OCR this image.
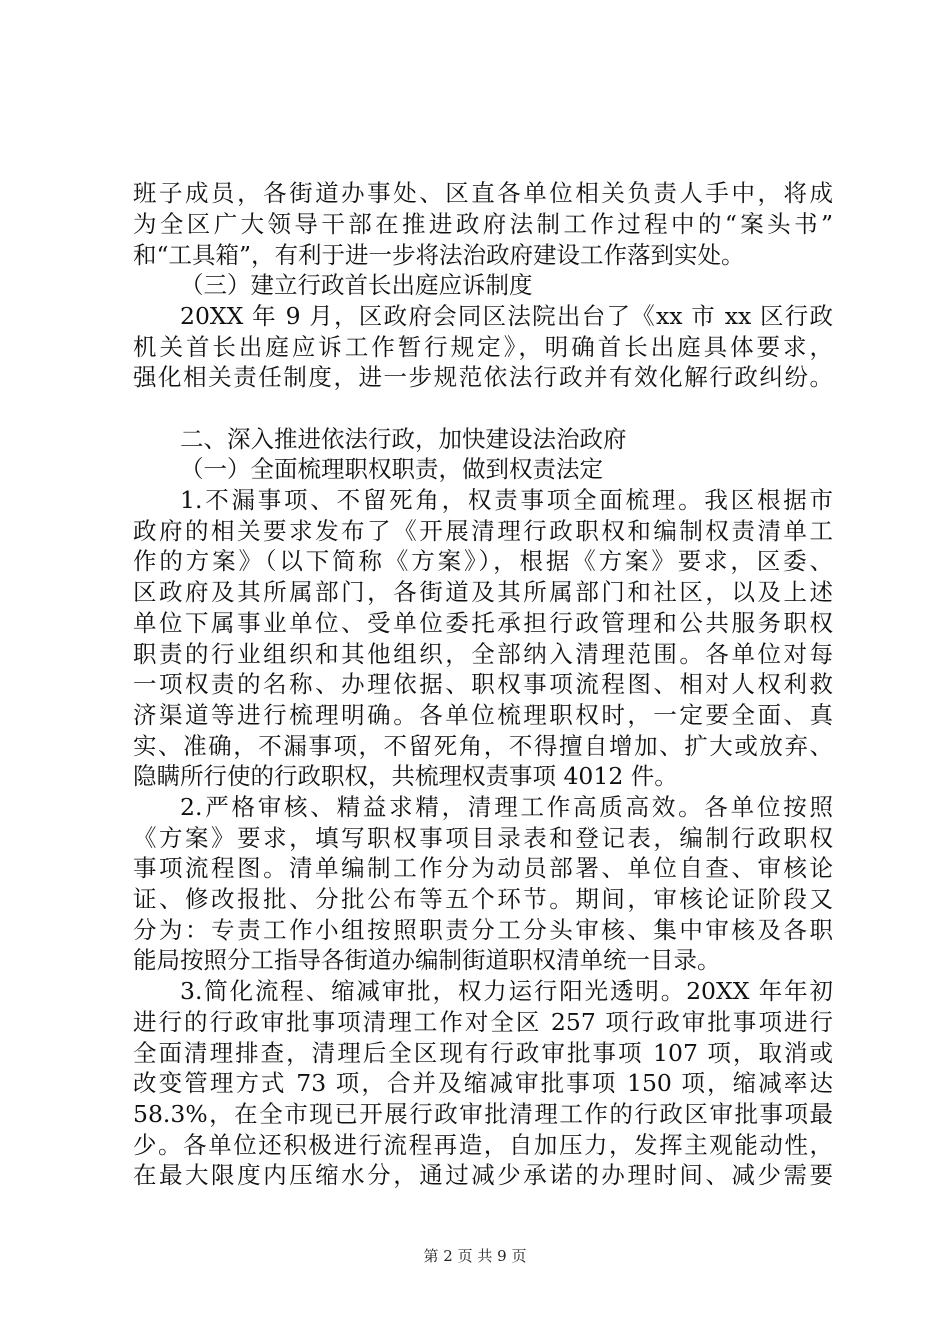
班子成员，各街道办事处、区直各单位相关负责人手中，将成
为全区广大领导干部在推进政府法制工作过程中的“案头书”
和“工具箱”，有利于进一步将法治政府建设工作落到实处。
（三）建立行政首长出庭应诉制度
20XX 年 9 月，区政府会同区法院出台了《xx 市 xx 区行政
机关首长出庭应诉工作暂行规定》，明确首长出庭具体要求，
强化相关责任制度，进一步规范依法行政并有效化解行政纠纷。
二、深入推进依法行政，加快建设法治政府
（一）全面梳理职权职责，做到权责法定
1.不漏事项、不留死角，权责事项全面梳理。我区根据市
政府的相关要求发布了《开展清理行政职权和编制权责清单工
作的方案》（以下简称《方案》），根据《方案》要求，区委、
区政府及其所属部门，各街道及其所属部门和社区，以及上述
单位下属事业单位、受单位委托承担行政管理和公共服务职权
职责的行业组织和其他组织，全部纳入清理范围。各单位对每
一项权责的名称、办理依据、职权事项流程图、相对人权利救
济渠道等进行梳理明确。各单位梳理职权时，一定要全面、真
实、准确，不漏事项，不留死角，不得擅自增加、扩大或放弃、
隐瞒所行使的行政职权，共梳理权责事项 4012 件。
2.严格审核、精益求精，清理工作高质高效。各单位按照
《方案》要求，填写职权事项目录表和登记表，编制行政职权
事项流程图。清单编制工作分为动员部署、单位自查、审核论
证、修改报批、分批公布等五个环节。期间，审核论证阶段又
分为：专责工作小组按照职责分工分头审核、集中审核及各职
能局按照分工指导各街道办编制街道职权清单统一目录。
3.简化流程、缩减审批，权力运行阳光透明。20XX 年年初
进行的行政审批事项清理工作对全区 257 项行政审批事项进行
全面清理排查，清理后全区现有行政审批事项 107 项，取消或
改变管理方式 73 项，合并及缩减审批事项 150 项，缩减率达
58.3%，在全市现已开展行政审批清理工作的行政区审批事项最
少。各单位还积极进行流程再造，自加压力，发挥主观能动性，
在最大限度内压缩水分，通过减少承诺的办理时间、减少需要
第 2 页 共 9 页
